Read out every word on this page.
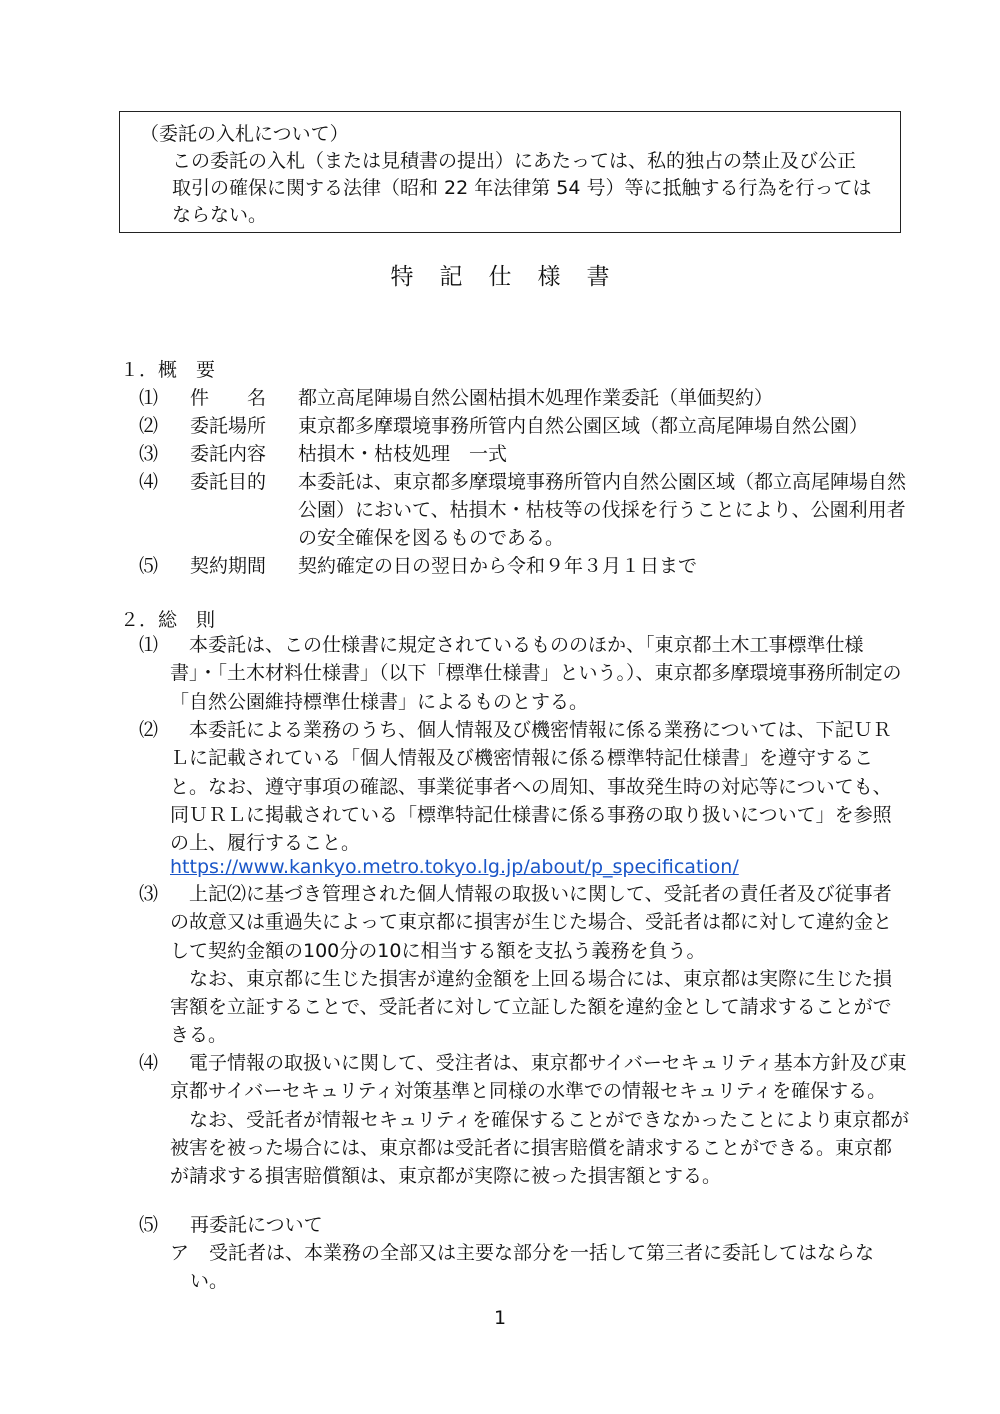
（委託の入札について）
この委託の入札（または見積書の提出）にあたっては、私的独占の禁止及び公正取引の確保に関する法律（昭和 22 年法律第 54 号）等に抵触する行為を行ってはならない。
特記仕様書
１．概　要
⑴ 件　　名 都立高尾陣場自然公園枯損木処理作業委託（単価契約）
⑵ 委託場所 東京都多摩環境事務所管内自然公園区域（都立高尾陣場自然公園）
⑶ 委託内容 枯損木・枯枝処理　一式
⑷ 委託目的 本委託は、東京都多摩環境事務所管内自然公園区域（都立高尾陣場自然公園）において、枯損木・枯枝等の伐採を行うことにより、公園利用者の安全確保を図るものである。
⑸ 契約期間 契約確定の日の翌日から令和９年３月１日まで
２．総　則
⑴	本委託は、この仕様書に規定されているもののほか、「東京都土木工事標準仕様書」・「土木材料仕様書」（以下「標準仕様書」という。）、東京都多摩環境事務所制定の「自然公園維持標準仕様書」によるものとする。
⑵	本委託による業務のうち、個人情報及び機密情報に係る業務については、下記ＵＲＬに記載されている「個人情報及び機密情報に係る標準特記仕様書」を遵守すること。なお、遵守事項の確認、事業従事者への周知、事故発生時の対応等についても、同ＵＲＬに掲載されている「標準特記仕様書に係る事務の取り扱いについて」を参照の上、履行すること。
https://www.kankyo.metro.tokyo.lg.jp/about/p_specification/
⑶	上記⑵に基づき管理された個人情報の取扱いに関して、受託者の責任者及び従事者の故意又は重過失によって東京都に損害が生じた場合、受託者は都に対して違約金として契約金額の100分の10に相当する額を支払う義務を負う。
なお、東京都に生じた損害が違約金額を上回る場合には、東京都は実際に生じた損害額を立証することで、受託者に対して立証した額を違約金として請求することができる。
⑷	電子情報の取扱いに関して、受注者は、東京都サイバーセキュリティ基本方針及び東京都サイバーセキュリティ対策基準と同様の水準での情報セキュリティを確保する。
なお、受託者が情報セキュリティを確保することができなかったことにより東京都が被害を被った場合には、東京都は受託者に損害賠償を請求することができる。東京都が請求する損害賠償額は、東京都が実際に被った損害額とする。
⑸ 再委託について
ア	受託者は、本業務の全部又は主要な部分を一括して第三者に委託してはならない。
1
